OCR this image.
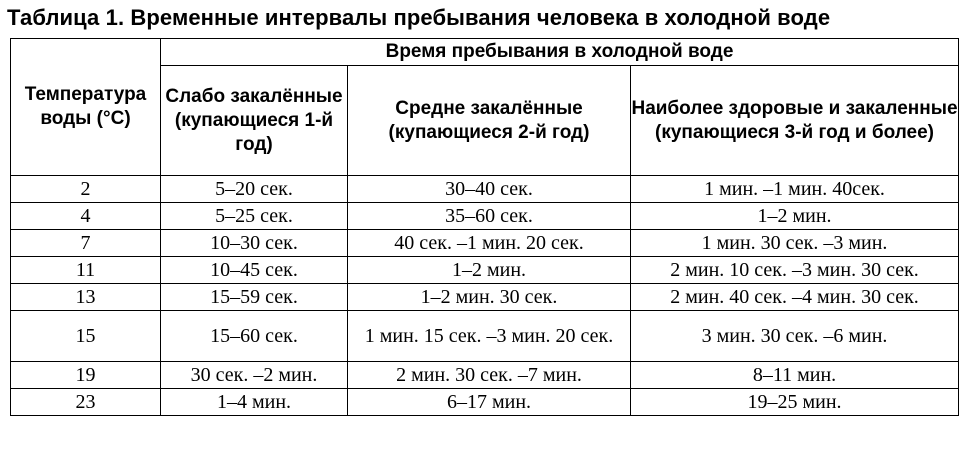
Таблица 1. Временные интервалы пребывания человека в холодной воде
Температура воды (°С)	Время пребывания в холодной воде		
	Слабо закалённые (купающиеся 1-й год)	Средне закалённые (купающиеся 2-й год)	Наиболее здоровые и закаленные (купающиеся 3-й год и более)
2	5–20 сек.	30–40 сек.	1 мин. –1 мин. 40сек.
4	5–25 сек.	35–60 сек.	1–2 мин.
7	10–30 сек.	40 сек. –1 мин. 20 сек.	1 мин. 30 сек. –3 мин.
11	10–45 сек.	1–2 мин.	2 мин. 10 сек. –3 мин. 30 сек.
13	15–59 сек.	1–2 мин. 30 сек.	2 мин. 40 сек. –4 мин. 30 сек.
15	15–60 сек.	1 мин. 15 сек. –3 мин. 20 сек.	3 мин. 30 сек. –6 мин.
19	30 сек. –2 мин.	2 мин. 30 сек. –7 мин.	8–11 мин.
23	1–4 мин.	6–17 мин.	19–25 мин.
